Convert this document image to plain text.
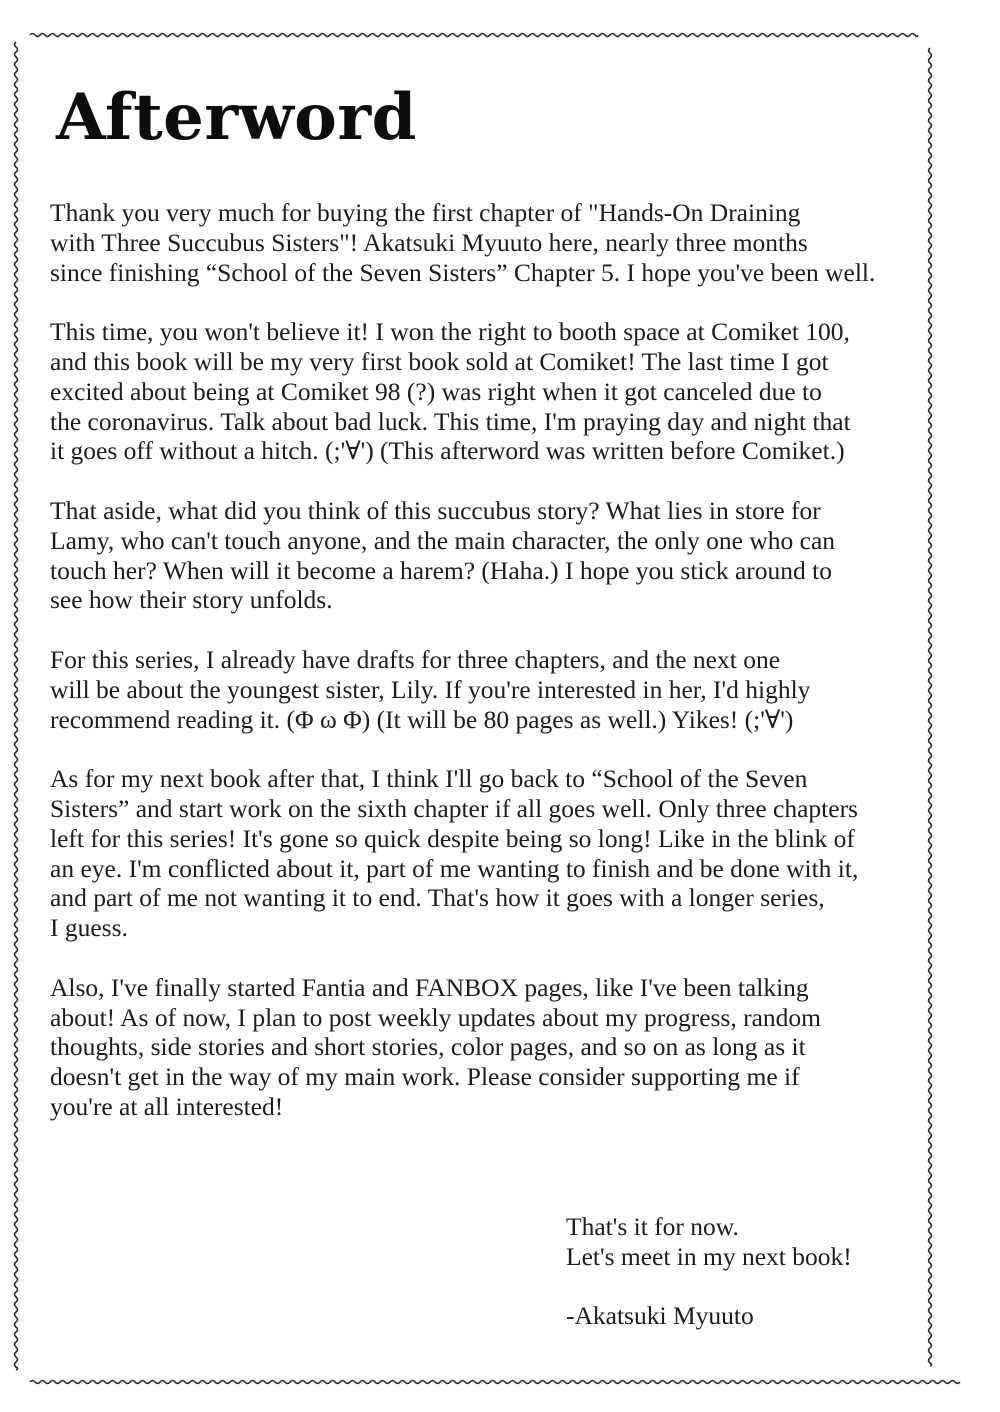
Afterword

Thank you very much for buying the first chapter of "Hands-On Draining
with Three Succubus Sisters"! Akatsuki Myuuto here, nearly three months
since finishing “School of the Seven Sisters” Chapter 5. I hope you've been well.

This time, you won't believe it! I won the right to booth space at Comiket 100,
and this book will be my very first book sold at Comiket! The last time I got
excited about being at Comiket 98 (?) was right when it got canceled due to
the coronavirus. Talk about bad luck. This time, I'm praying day and night that
it goes off without a hitch. (;'∀') (This afterword was written before Comiket.)

That aside, what did you think of this succubus story? What lies in store for
Lamy, who can't touch anyone, and the main character, the only one who can
touch her? When will it become a harem? (Haha.) I hope you stick around to
see how their story unfolds.

For this series, I already have drafts for three chapters, and the next one
will be about the youngest sister, Lily. If you're interested in her, I'd highly
recommend reading it. (Φ ω Φ) (It will be 80 pages as well.) Yikes! (;'∀')

As for my next book after that, I think I'll go back to “School of the Seven
Sisters” and start work on the sixth chapter if all goes well. Only three chapters
left for this series! It's gone so quick despite being so long! Like in the blink of
an eye. I'm conflicted about it, part of me wanting to finish and be done with it,
and part of me not wanting it to end. That's how it goes with a longer series,
I guess.

Also, I've finally started Fantia and FANBOX pages, like I've been talking
about! As of now, I plan to post weekly updates about my progress, random
thoughts, side stories and short stories, color pages, and so on as long as it
doesn't get in the way of my main work. Please consider supporting me if
you're at all interested!

That's it for now.
Let's meet in my next book!
-Akatsuki Myuuto
